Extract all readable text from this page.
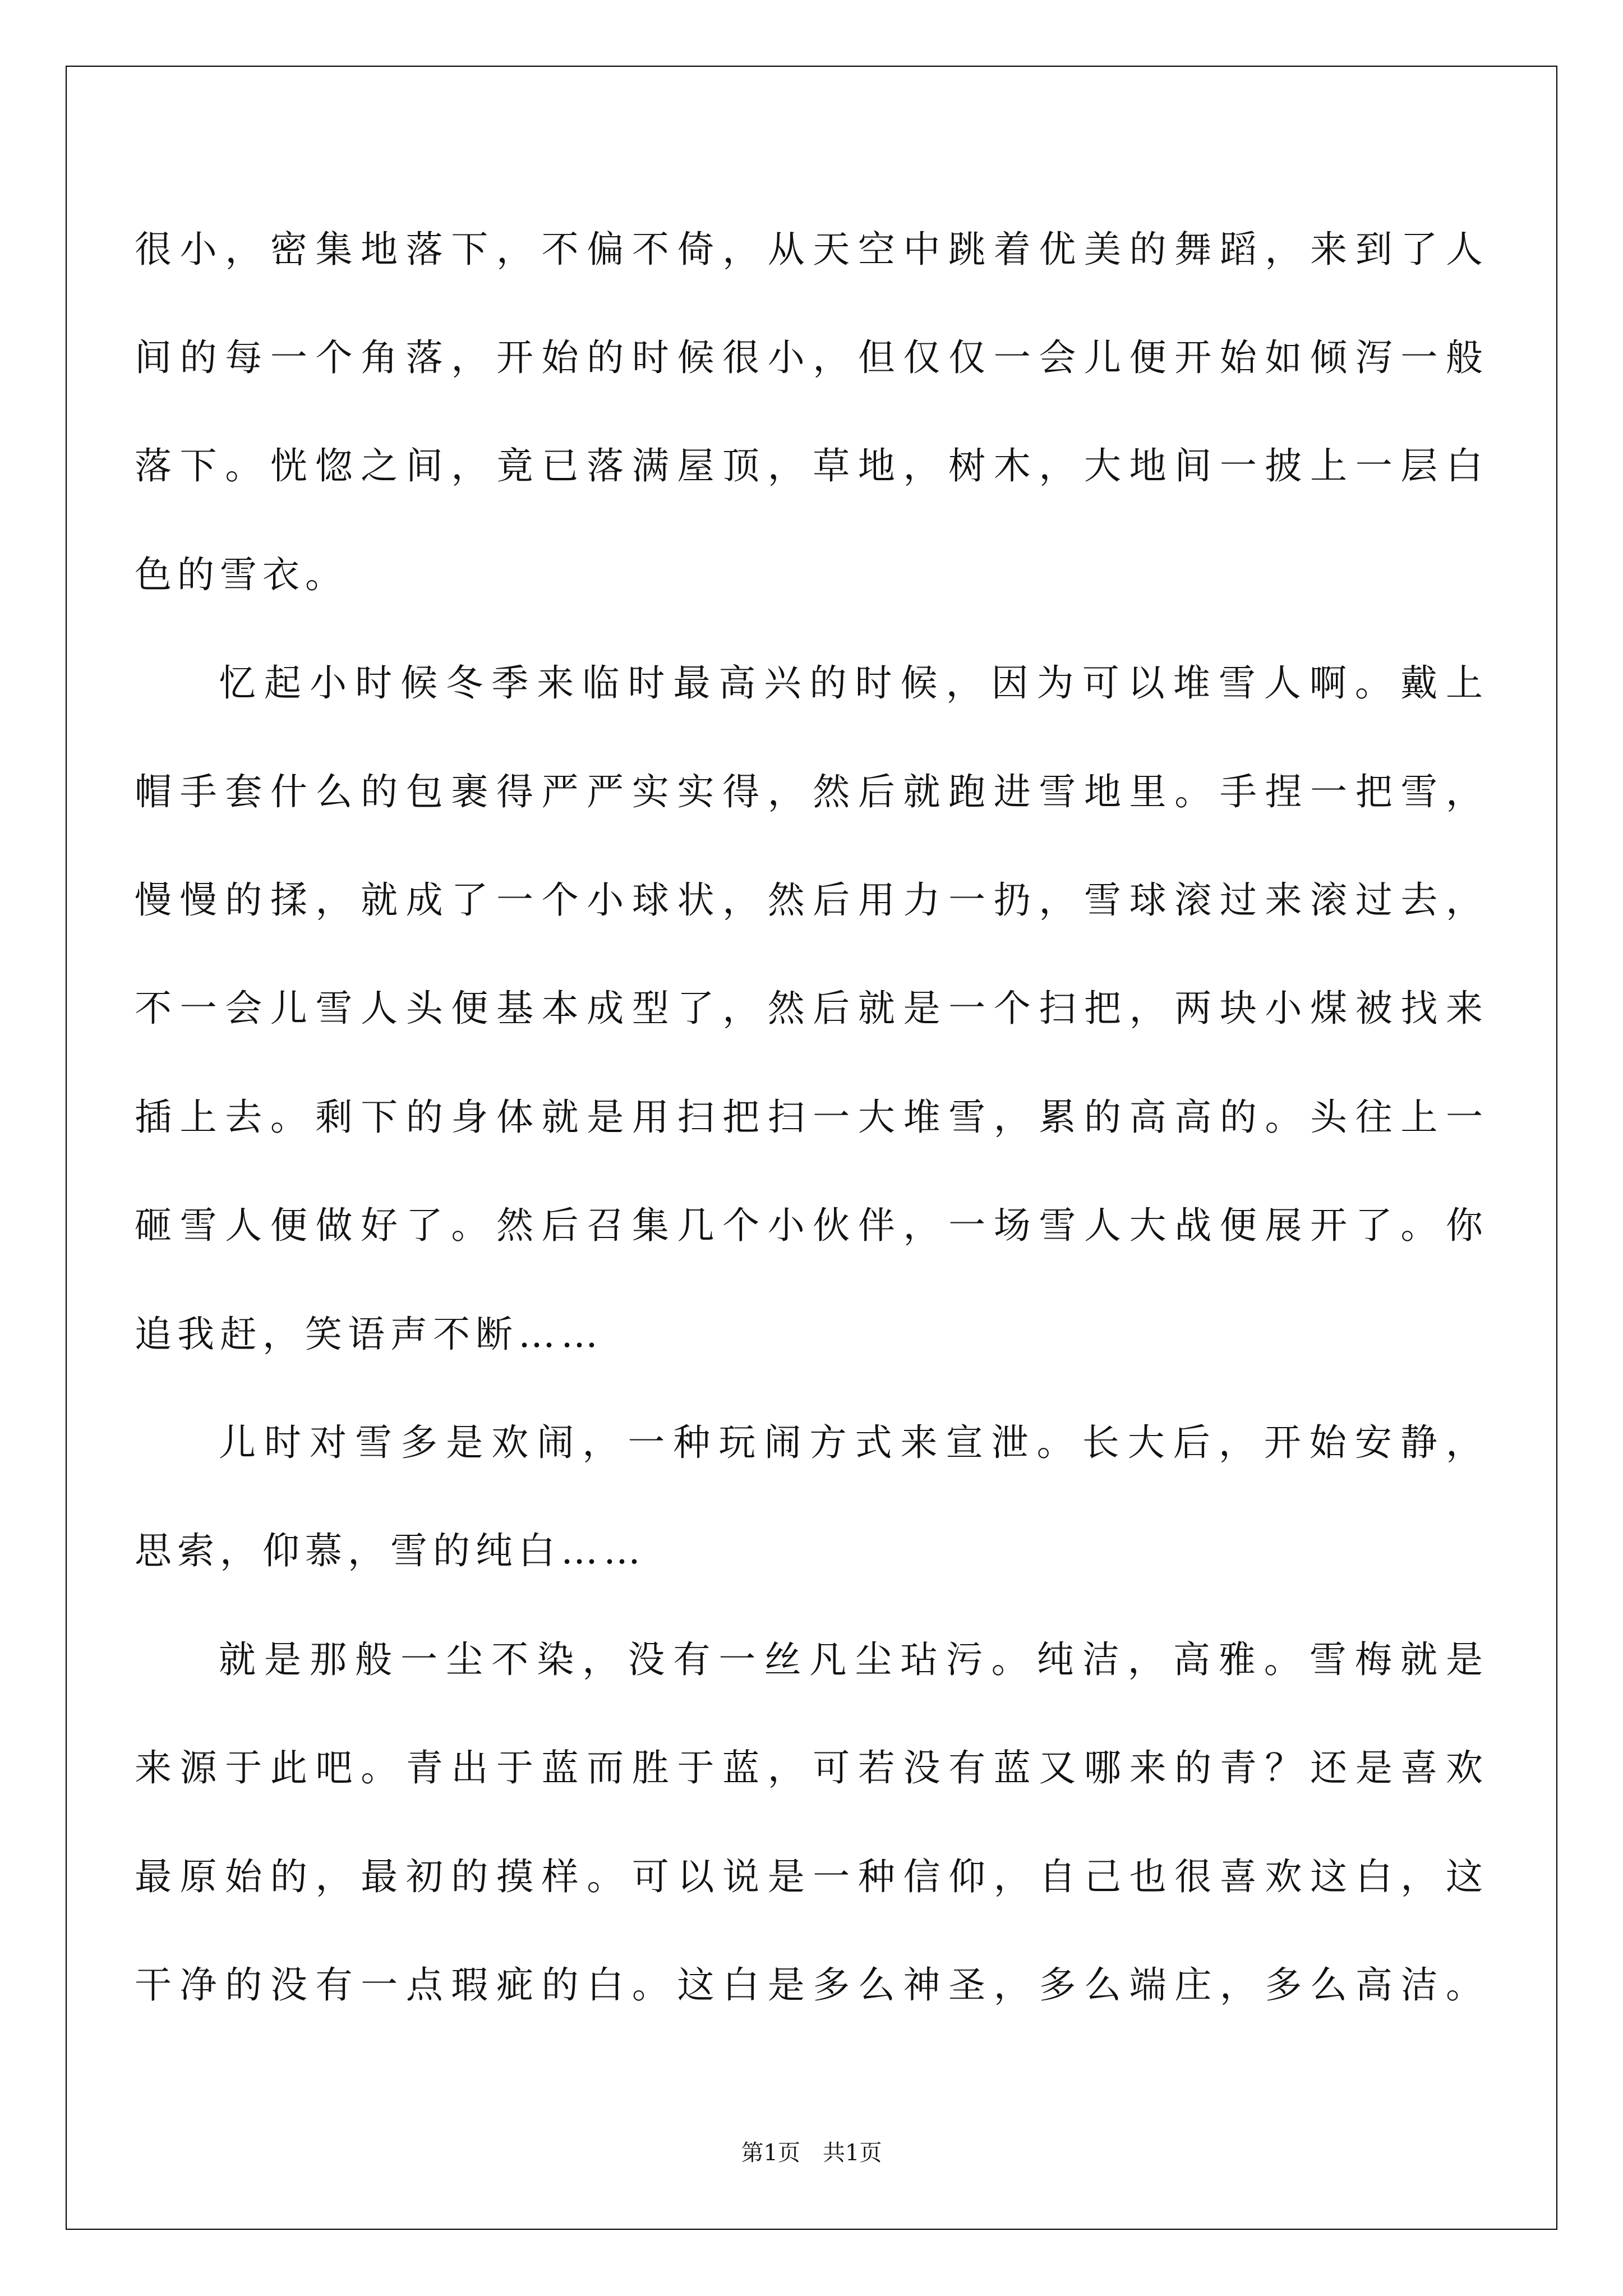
很小，密集地落下，不偏不倚，从天空中跳着优美的舞蹈，来到了人
间的每一个角落，开始的时候很小，但仅仅一会儿便开始如倾泻一般
落下。恍惚之间，竟已落满屋顶，草地，树木，大地间一披上一层白
色的雪衣。
忆起小时候冬季来临时最高兴的时候，因为可以堆雪人啊。戴上
帽手套什么的包裹得严严实实得，然后就跑进雪地里。手捏一把雪，
慢慢的揉，就成了一个小球状，然后用力一扔，雪球滚过来滚过去，
不一会儿雪人头便基本成型了，然后就是一个扫把，两块小煤被找来
插上去。剩下的身体就是用扫把扫一大堆雪，累的高高的。头往上一
砸雪人便做好了。然后召集几个小伙伴，一场雪人大战便展开了。你
追我赶，笑语声不断……
儿时对雪多是欢闹，一种玩闹方式来宣泄。长大后，开始安静，
思索，仰慕，雪的纯白……
就是那般一尘不染，没有一丝凡尘玷污。纯洁，高雅。雪梅就是
来源于此吧。青出于蓝而胜于蓝，可若没有蓝又哪来的青？还是喜欢
最原始的，最初的摸样。可以说是一种信仰，自己也很喜欢这白，这
干净的没有一点瑕疵的白。这白是多么神圣，多么端庄，多么高洁。
第1页　共1页
